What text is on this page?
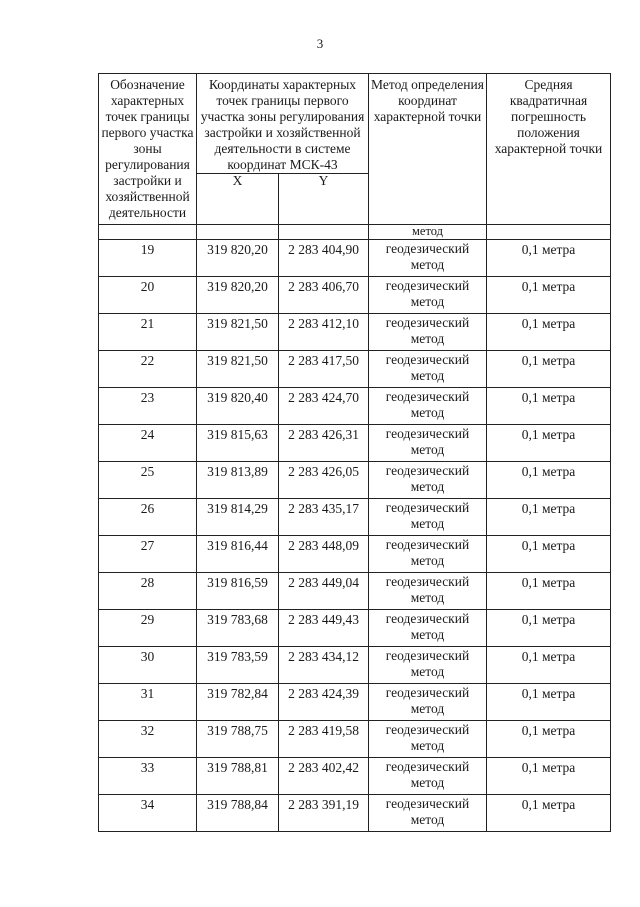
3
Обозначение характерных точек границы первого участка зоны регулирования застройки и хозяйственной деятельности	Координаты характерных точек границы первого участка зоны регулирования застройки и хозяйственной деятельности в системе координат МСК-43		Метод определения координат характерной точки	Средняя квадратичная погрешность положения характерной точки
	X	Y		
			метод	
19	319 820,20	2 283 404,90	геодезический метод	0,1 метра
20	319 820,20	2 283 406,70	геодезический метод	0,1 метра
21	319 821,50	2 283 412,10	геодезический метод	0,1 метра
22	319 821,50	2 283 417,50	геодезический метод	0,1 метра
23	319 820,40	2 283 424,70	геодезический метод	0,1 метра
24	319 815,63	2 283 426,31	геодезический метод	0,1 метра
25	319 813,89	2 283 426,05	геодезический метод	0,1 метра
26	319 814,29	2 283 435,17	геодезический метод	0,1 метра
27	319 816,44	2 283 448,09	геодезический метод	0,1 метра
28	319 816,59	2 283 449,04	геодезический метод	0,1 метра
29	319 783,68	2 283 449,43	геодезический метод	0,1 метра
30	319 783,59	2 283 434,12	геодезический метод	0,1 метра
31	319 782,84	2 283 424,39	геодезический метод	0,1 метра
32	319 788,75	2 283 419,58	геодезический метод	0,1 метра
33	319 788,81	2 283 402,42	геодезический метод	0,1 метра
34	319 788,84	2 283 391,19	геодезический метод	0,1 метра
